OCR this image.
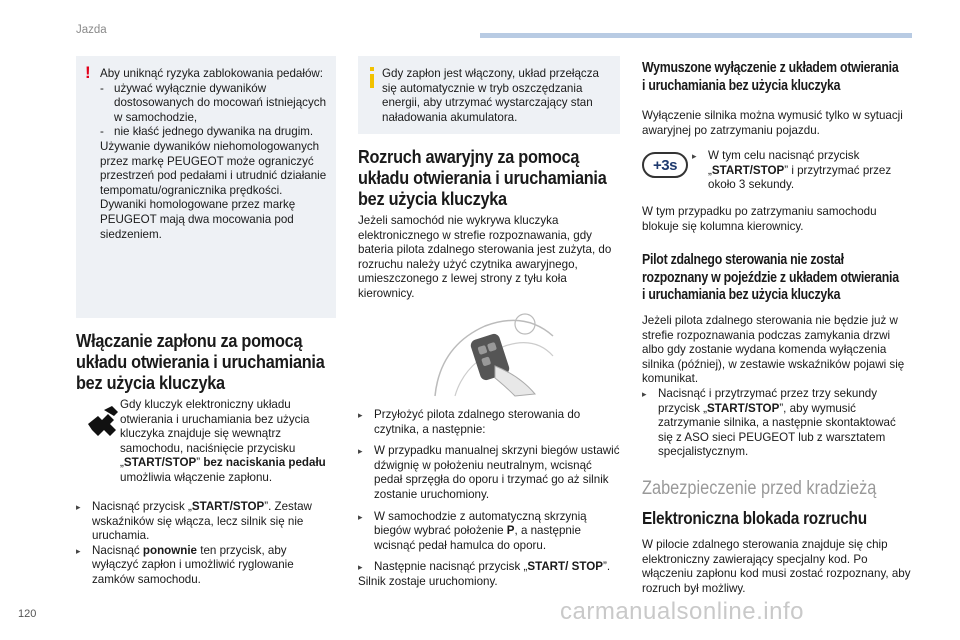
Jazda
! Aby uniknąć ryzyka zablokowania pedałów:
- używać wyłącznie dywaników dostosowanych do mocowań istniejących w samochodzie,
- nie kłaść jednego dywanika na drugim.
Używanie dywaników niehomologowanych przez markę PEUGEOT może ograniczyć przestrzeń pod pedałami i utrudnić działanie tempomatu/ogranicznika prędkości.
Dywaniki homologowane przez markę PEUGEOT mają dwa mocowania pod siedzeniem.
Włączanie zapłonu za pomocą
układu otwierania i uruchamiania
bez użycia kluczyka
Gdy kluczyk elektroniczny układu otwierania i uruchamiania bez użycia kluczyka znajduje się wewnątrz samochodu, naciśnięcie przycisku „START/STOP” bez naciskania pedału umożliwia włączenie zapłonu.
▸ Nacisnąć przycisk „START/STOP”. Zestaw wskaźników się włącza, lecz silnik się nie uruchamia.
▸ Nacisnąć ponownie ten przycisk, aby wyłączyć zapłon i umożliwić ryglowanie zamków samochodu.
Gdy zapłon jest włączony, układ przełącza się automatycznie w tryb oszczędzania energii, aby utrzymać wystarczający stan naładowania akumulatora.
Rozruch awaryjny za pomocą
układu otwierania i uruchamiania
bez użycia kluczyka
Jeżeli samochód nie wykrywa kluczyka elektronicznego w strefie rozpoznawania, gdy bateria pilota zdalnego sterowania jest zużyta, do rozruchu należy użyć czytnika awaryjnego, umieszczonego z lewej strony z tyłu koła kierownicy.
▸ Przyłożyć pilota zdalnego sterowania do czytnika, a następnie:
▸ W przypadku manualnej skrzyni biegów ustawić dźwignię w położeniu neutralnym, wcisnąć pedał sprzęgła do oporu i trzymać go aż silnik zostanie uruchomiony.
▸ W samochodzie z automatyczną skrzynią biegów wybrać położenie P, a następnie wcisnąć pedał hamulca do oporu.
▸ Następnie nacisnąć przycisk „START/ STOP”.
Silnik zostaje uruchomiony.
Wymuszone wyłączenie z układem otwierania
i uruchamiania bez użycia kluczyka
Wyłączenie silnika można wymusić tylko w sytuacji awaryjnej po zatrzymaniu pojazdu.
+3s
▸ W tym celu nacisnąć przycisk „START/STOP” i przytrzymać przez około 3 sekundy.
W tym przypadku po zatrzymaniu samochodu blokuje się kolumna kierownicy.
Pilot zdalnego sterowania nie został
rozpoznany w pojeździe z układem otwierania
i uruchamiania bez użycia kluczyka
Jeżeli pilota zdalnego sterowania nie będzie już w strefie rozpoznawania podczas zamykania drzwi albo gdy zostanie wydana komenda wyłączenia silnika (później), w zestawie wskaźników pojawi się komunikat.
▸ Nacisnąć i przytrzymać przez trzy sekundy przycisk „START/STOP”, aby wymusić zatrzymanie silnika, a następnie skontaktować się z ASO sieci PEUGEOT lub z warsztatem specjalistycznym.
Zabezpieczenie przed kradzieżą
Elektroniczna blokada rozruchu
W pilocie zdalnego sterowania znajduje się chip elektroniczny zawierający specjalny kod. Po włączeniu zapłonu kod musi zostać rozpoznany, aby rozruch był możliwy.
120	carmanualsonline.info
